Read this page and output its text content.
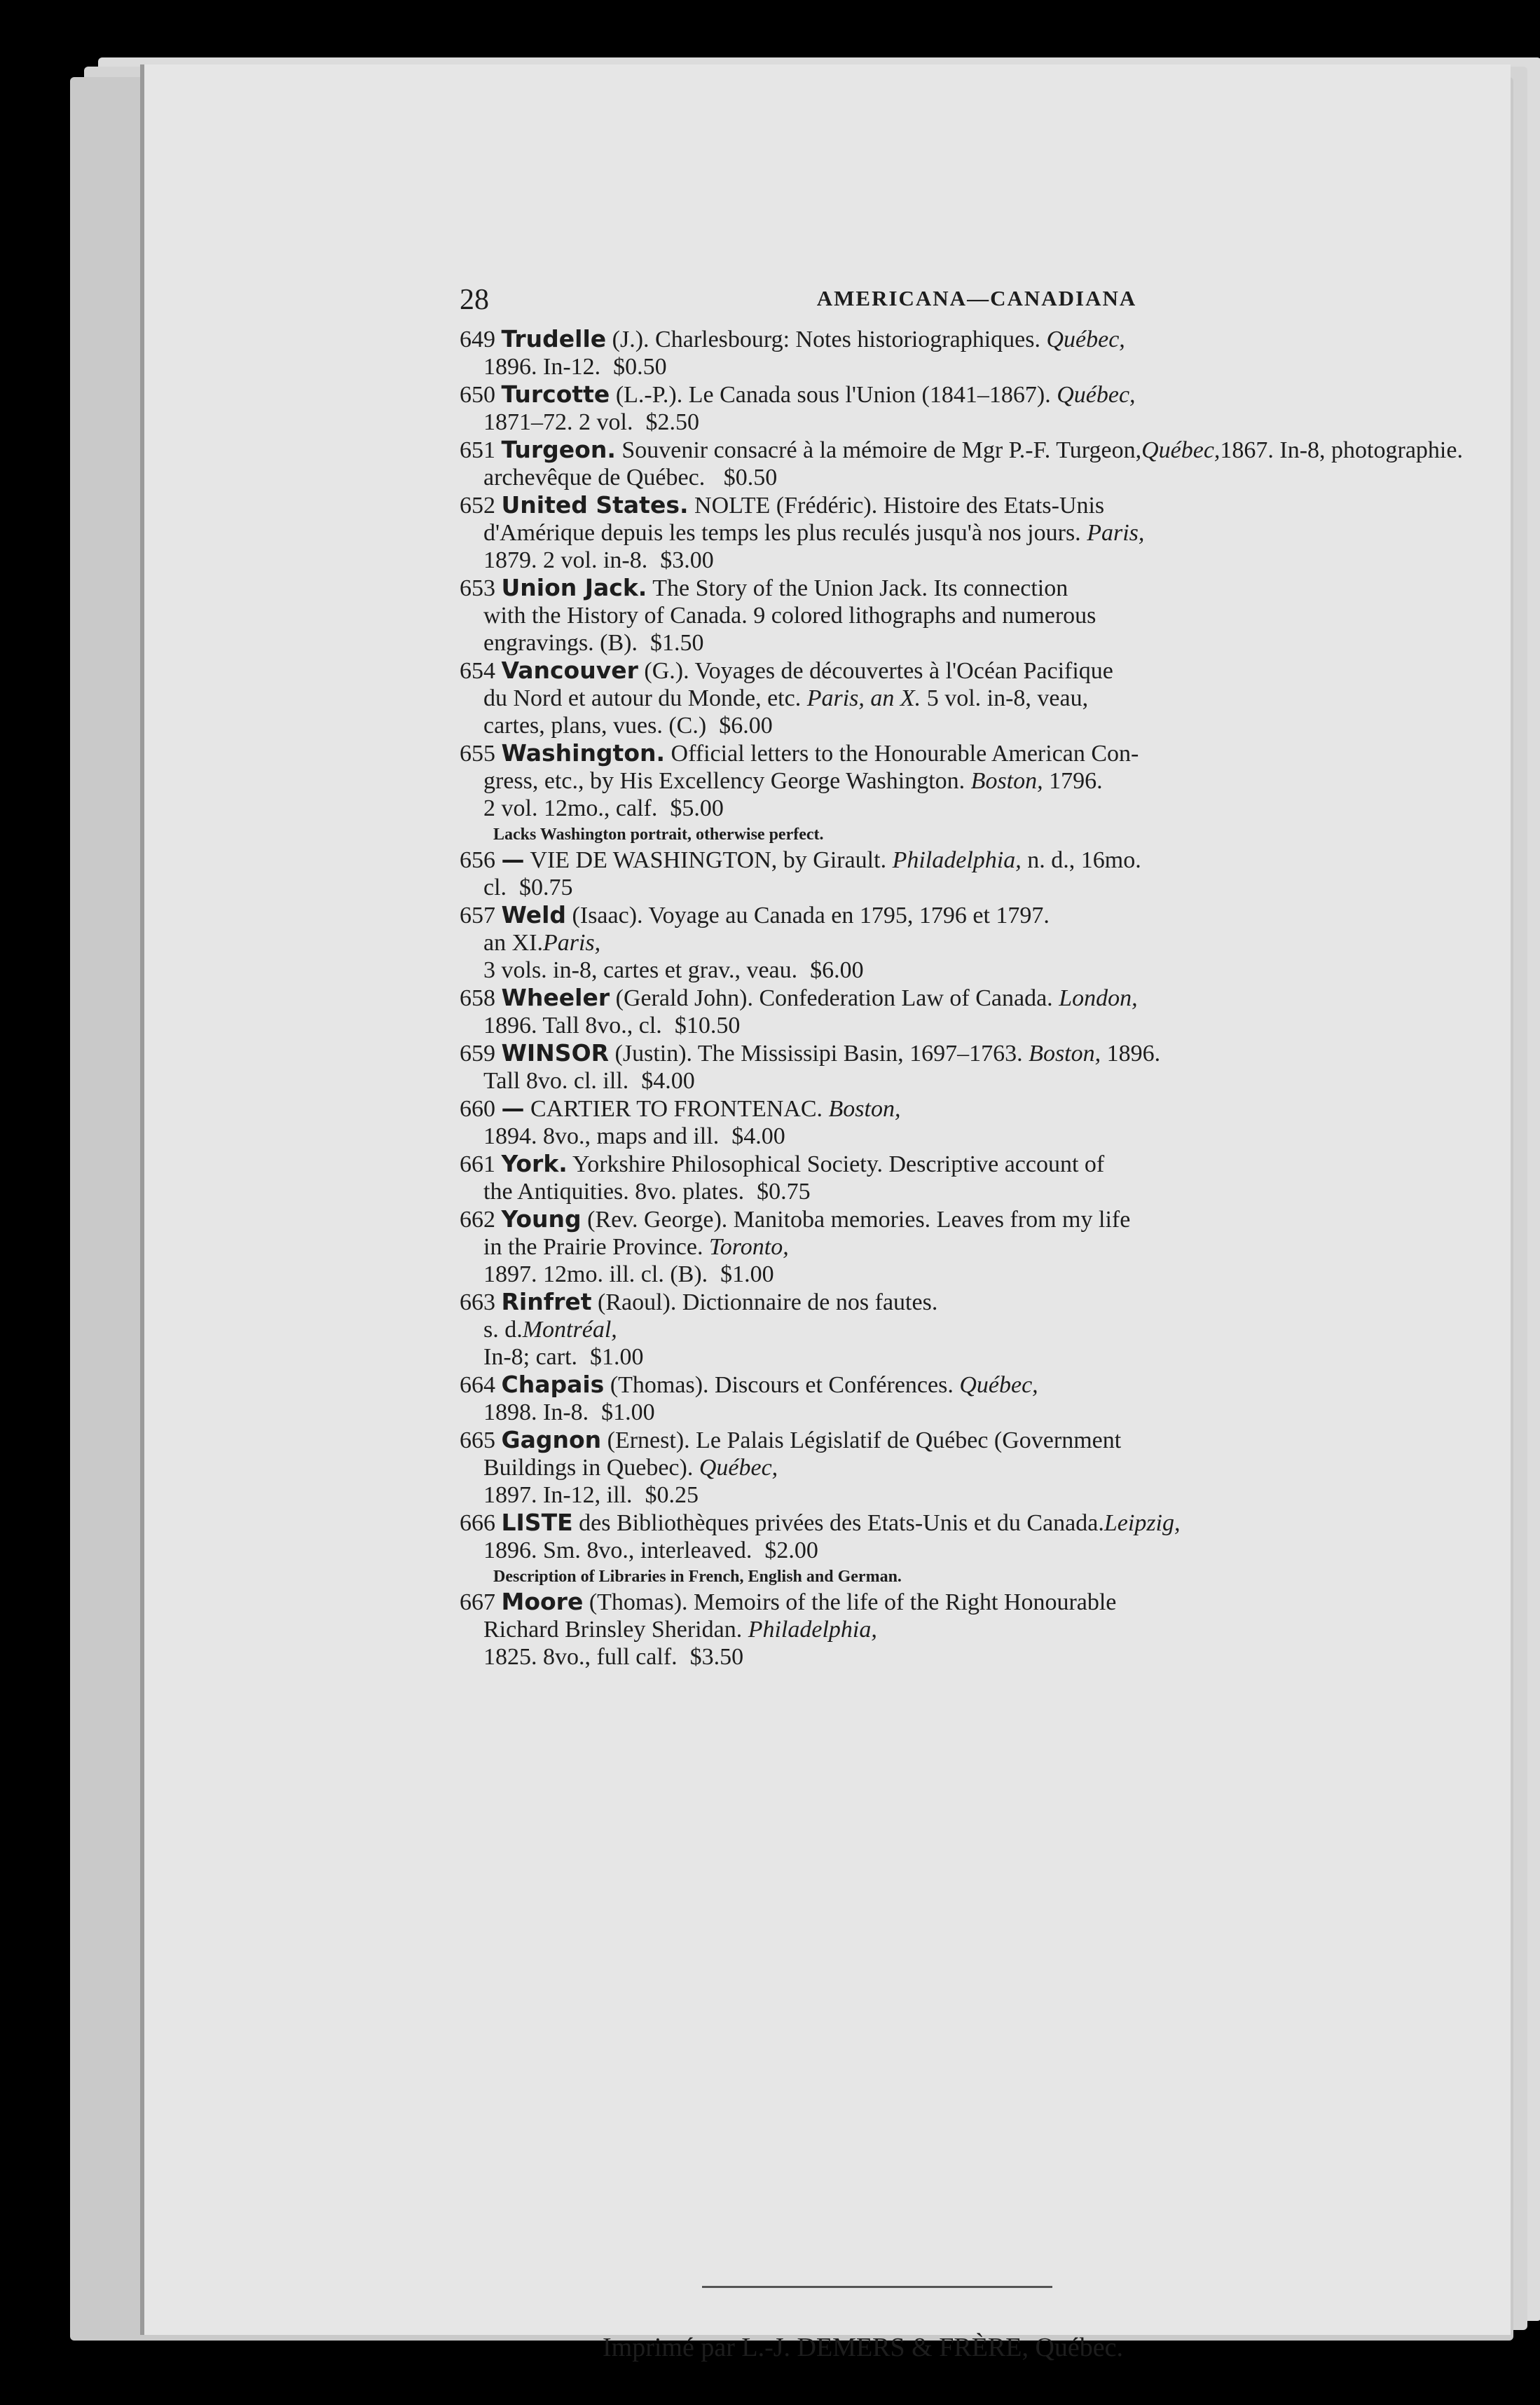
28	AMERICANA—CANADIANA
649 Trudelle (J.). Charlesbourg: Notes historiographiques. Québec,
1896. In-12. $0.50
650 Turcotte (L.-P.). Le Canada sous l'Union (1841–1867). Québec,
1871–72. 2 vol. $2.50
651 Turgeon. Souvenir consacré à la mémoire de Mgr P.-F. Turgeon,Québec,1867. In-8, photographie.
archevêque de Québec. $0.50
652 United States. NOLTE (Frédéric). Histoire des Etats-Unis
d'Amérique depuis les temps les plus reculés jusqu'à nos jours. Paris,
1879. 2 vol. in-8. $3.00
653 Union Jack. The Story of the Union Jack. Its connection
with the History of Canada. 9 colored lithographs and numerous
engravings. (B). $1.50
654 Vancouver (G.). Voyages de découvertes à l'Océan Pacifique
du Nord et autour du Monde, etc. Paris, an X. 5 vol. in-8, veau,
cartes, plans, vues. (C.) $6.00
655 Washington. Official letters to the Honourable American Con-
gress, etc., by His Excellency George Washington. Boston, 1796.
2 vol. 12mo., calf. $5.00
Lacks Washington portrait, otherwise perfect.
656 — VIE DE WASHINGTON, by Girault. Philadelphia, n. d., 16mo.
cl. $0.75
657 Weld (Isaac). Voyage au Canada en 1795, 1796 et 1797.
an XI.Paris,
3 vols. in-8, cartes et grav., veau. $6.00
658 Wheeler (Gerald John). Confederation Law of Canada. London,
1896. Tall 8vo., cl. $10.50
659 WINSOR (Justin). The Mississipi Basin, 1697–1763. Boston, 1896.
Tall 8vo. cl. ill. $4.00
660 — CARTIER TO FRONTENAC. Boston,
1894. 8vo., maps and ill. $4.00
661 York. Yorkshire Philosophical Society. Descriptive account of
the Antiquities. 8vo. plates. $0.75
662 Young (Rev. George). Manitoba memories. Leaves from my life
in the Prairie Province. Toronto,
1897. 12mo. ill. cl. (B). $1.00
663 Rinfret (Raoul). Dictionnaire de nos fautes.
s. d.Montréal,
In-8; cart. $1.00
664 Chapais (Thomas). Discours et Conférences. Québec,
1898. In-8. $1.00
665 Gagnon (Ernest). Le Palais Législatif de Québec (Government
Buildings in Quebec). Québec,
1897. In-12, ill. $0.25
666 LISTE des Bibliothèques privées des Etats-Unis et du Canada.Leipzig,
1896. Sm. 8vo., interleaved. $2.00
Description of Libraries in French, English and German.
667 Moore (Thomas). Memoirs of the life of the Right Honourable
Richard Brinsley Sheridan. Philadelphia,
1825. 8vo., full calf. $3.50
Imprimé par L.-J. DEMERS & FRÈRE, Québec.
